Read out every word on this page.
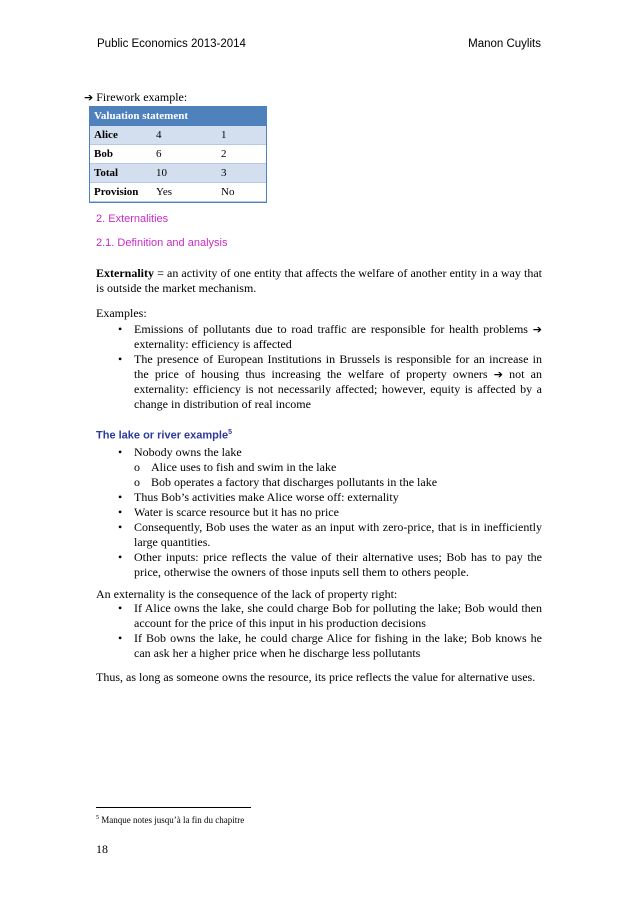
Public Economics 2013-2014	Manon Cuylits
➔ Firework example:
Valuation statement		
Alice	4	1
Bob	6	2
Total	10	3
Provision	Yes	No
2. Externalities
2.1. Definition and analysis
Externality = an activity of one entity that affects the welfare of another entity in a way that is outside the market mechanism.
Examples:
• Emissions of pollutants due to road traffic are responsible for health problems ➔ externality: efficiency is affected
• The presence of European Institutions in Brussels is responsible for an increase in the price of housing thus increasing the welfare of property owners ➔ not an externality: efficiency is not necessarily affected; however, equity is affected by a change in distribution of real income
The lake or river example$^5$
• Nobody owns the lake
o Alice uses to fish and swim in the lake
o Bob operates a factory that discharges pollutants in the lake
• Thus Bob’s activities make Alice worse off: externality
• Water is scarce resource but it has no price
• Consequently, Bob uses the water as an input with zero-price, that is in inefficiently large quantities.
• Other inputs: price reflects the value of their alternative uses; Bob has to pay the price, otherwise the owners of those inputs sell them to others people.
An externality is the consequence of the lack of property right:
• If Alice owns the lake, she could charge Bob for polluting the lake; Bob would then account for the price of this input in his production decisions
• If Bob owns the lake, he could charge Alice for fishing in the lake; Bob knows he can ask her a higher price when he discharge less pollutants
Thus, as long as someone owns the resource, its price reflects the value for alternative uses.
$^5$ Manque notes jusqu’à la fin du chapitre
18
